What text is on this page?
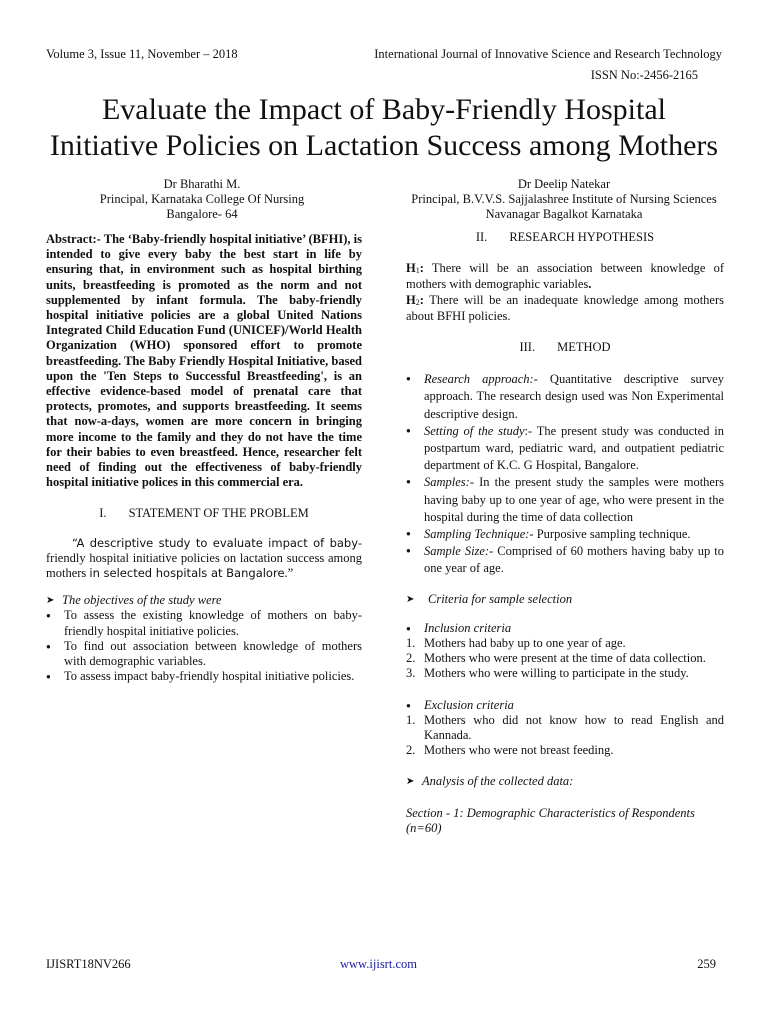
Volume 3, Issue 11, November – 2018	International Journal of Innovative Science and Research Technology
ISSN No:-2456-2165
Evaluate the Impact of Baby-Friendly Hospital
Initiative Policies on Lactation Success among Mothers
Dr Bharathi M.
Principal, Karnataka College Of Nursing
Bangalore- 64
Dr Deelip Natekar
Principal, B.V.V.S. Sajjalashree Institute of Nursing Sciences
Navanagar Bagalkot Karnataka

Abstract:- The ‘Baby-friendly hospital initiative’ (BFHI), is intended to give every baby the best start in life by ensuring that, in environment such as hospital birthing units, breastfeeding is promoted as the norm and not supplemented by infant formula. The baby-friendly hospital initiative policies are a global United Nations Integrated Child Education Fund (UNICEF)/World Health Organization (WHO) sponsored effort to promote breastfeeding. The Baby Friendly Hospital Initiative, based upon the 'Ten Steps to Successful Breastfeeding', is an effective evidence-based model of prenatal care that protects, promotes, and supports breastfeeding. It seems that now-a-days, women are more concern in bringing more income to the family and they do not have the time for their babies to even breastfeed. Hence, researcher felt need of finding out the effectiveness of baby-friendly hospital initiative polices in this commercial era.

I. STATEMENT OF THE PROBLEM

“A descriptive study to evaluate impact of baby-friendly hospital initiative policies on lactation success among mothers in selected hospitals at Bangalore.”

➤ The objectives of the study were
● To assess the existing knowledge of mothers on baby-friendly hospital initiative policies.
● To find out association between knowledge of mothers with demographic variables.
● To assess impact baby-friendly hospital initiative policies.
II. RESEARCH HYPOTHESIS

$H_1$: There will be an association between knowledge of mothers with demographic variables.

$H_2$: There will be an inadequate knowledge among mothers about BFHI policies.

III. METHOD
● Research approach:- Quantitative descriptive survey approach. The research design used was Non Experimental descriptive design.
● Setting of the study:- The present study was conducted in postpartum ward, pediatric ward, and outpatient pediatric department of K.C. G Hospital, Bangalore.
● Samples:- In the present study the samples were mothers having baby up to one year of age, who were present in the hospital during the time of data collection
● Sampling Technique:- Purposive sampling technique.
● Sample Size:- Comprised of 60 mothers having baby up to one year of age.
➤ Criteria for sample selection
● Inclusion criteria
1. Mothers had baby up to one year of age.
2. Mothers who were present at the time of data collection.
3. Mothers who were willing to participate in the study.
● Exclusion criteria
1. Mothers who did not know how to read English and Kannada.
2. Mothers who were not breast feeding.
➤ Analysis of the collected data:

Section - 1: Demographic Characteristics of Respondents (n=60)

IJISRT18NV266	www.ijisrt.com	259
